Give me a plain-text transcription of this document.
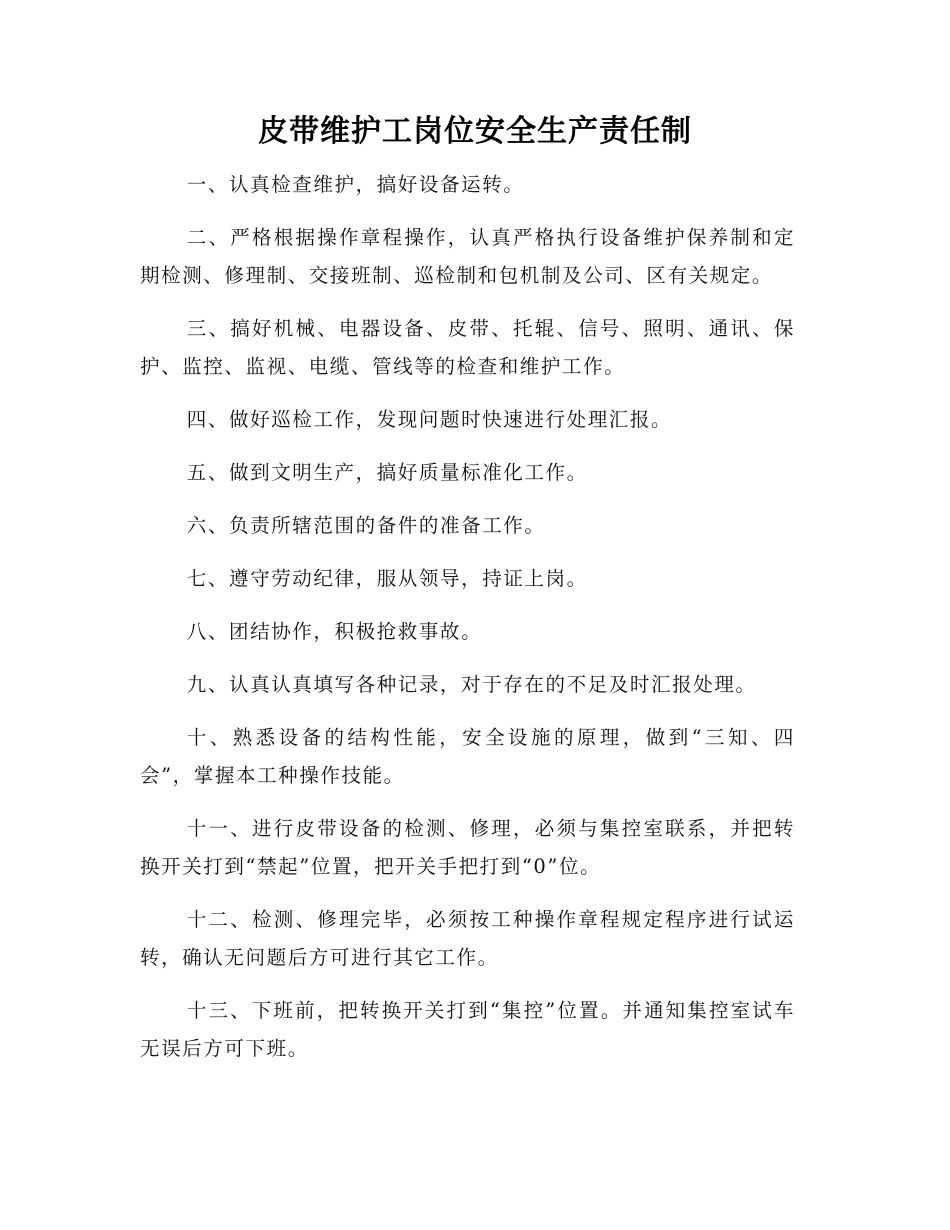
皮带维护工岗位安全生产责任制

一、认真检查维护，搞好设备运转。

二、严格根据操作章程操作，认真严格执行设备维护保养制和定期检测、修理制、交接班制、巡检制和包机制及公司、区有关规定。

三、搞好机械、电器设备、皮带、托辊、信号、照明、通讯、保护、监控、监视、电缆、管线等的检查和维护工作。

四、做好巡检工作，发现问题时快速进行处理汇报。

五、做到文明生产，搞好质量标准化工作。

六、负责所辖范围的备件的准备工作。

七、遵守劳动纪律，服从领导，持证上岗。

八、团结协作，积极抢救事故。

九、认真认真填写各种记录，对于存在的不足及时汇报处理。

十、熟悉设备的结构性能，安全设施的原理，做到“三知、四会”，掌握本工种操作技能。

十一、进行皮带设备的检测、修理，必须与集控室联系，并把转换开关打到“禁起”位置，把开关手把打到“0”位。

十二、检测、修理完毕，必须按工种操作章程规定程序进行试运转，确认无问题后方可进行其它工作。

十三、下班前，把转换开关打到“集控”位置。并通知集控室试车无误后方可下班。
